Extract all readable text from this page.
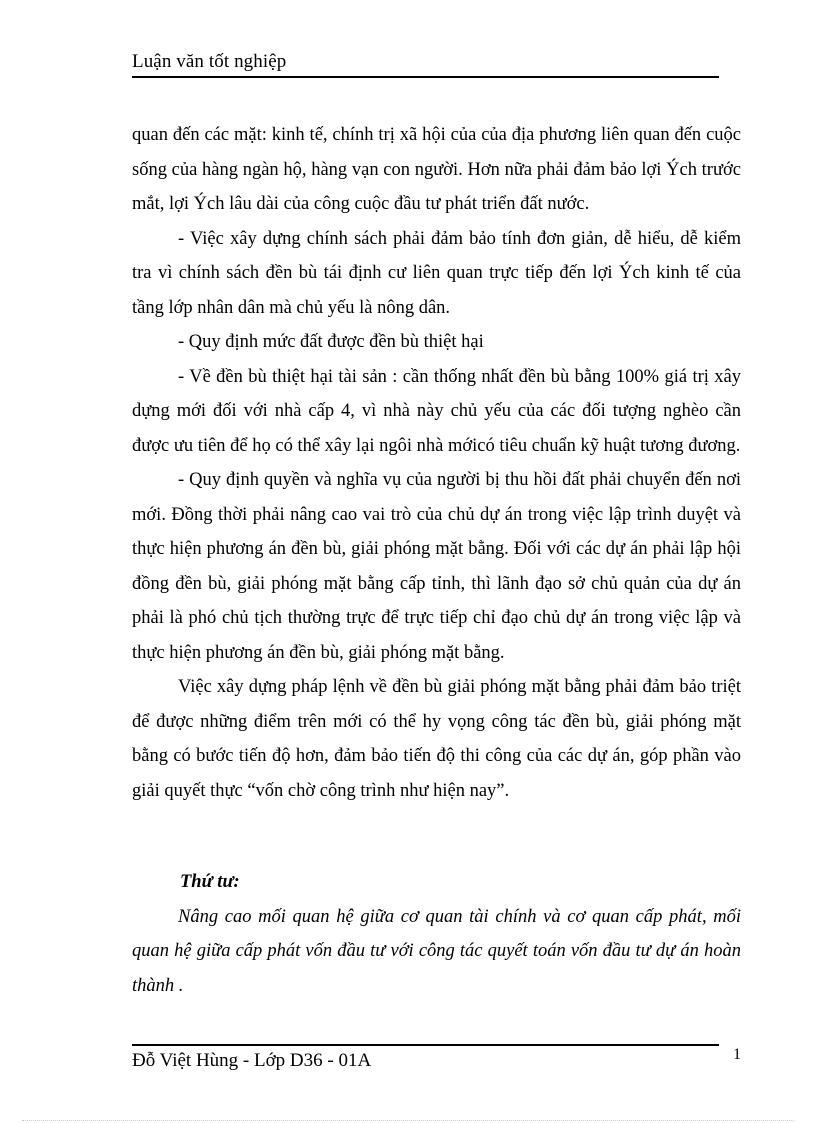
Luận văn tốt nghiệp

quan đến các mặt: kinh tế, chính trị xã hội của của địa phương liên quan đến cuộc sống của hàng ngàn hộ, hàng vạn con người. Hơn nữa phải đảm bảo lợi Ých trước mắt, lợi Ých lâu dài của công cuộc đầu tư phát triển đất nước.

- Việc xây dựng chính sách phải đảm bảo tính đơn giản, dễ hiểu, dễ kiểm tra vì chính sách đền bù tái định cư liên quan trực tiếp đến lợi Ých kinh tế của tầng lớp nhân dân mà chủ yếu là nông dân.

- Quy định mức đất được đền bù thiệt hại

- Về đền bù thiệt hại tài sản : cần thống nhất đền bù bằng 100% giá trị xây dựng mới đối với nhà cấp 4, vì nhà này chủ yếu của các đối tượng nghèo cần được ưu tiên để họ có thể xây lại ngôi nhà mớicó tiêu chuẩn kỹ huật tương đương.

- Quy định quyền và nghĩa vụ của người bị thu hồi đất phải chuyển đến nơi mới. Đồng thời phải nâng cao vai trò của chủ dự án trong việc lập trình duyệt và thực hiện phương án đền bù, giải phóng mặt bằng. Đối với các dự án phải lập hội đồng đền bù, giải phóng mặt bằng cấp tỉnh, thì lãnh đạo sở chủ quản của dự án phải là phó chủ tịch thường trực để trực tiếp chỉ đạo chủ dự án trong việc lập và thực hiện phương án đền bù, giải phóng mặt bằng.

Việc xây dựng pháp lệnh về đền bù giải phóng mặt bằng phải đảm bảo triệt để được những điểm trên mới có thể hy vọng công tác đền bù, giải phóng mặt bằng có bước tiến độ hơn, đảm bảo tiến độ thi công của các dự án, góp phần vào giải quyết thực “vốn chờ công trình như hiện nay”.

Thứ tư:

Nâng cao mối quan hệ giữa cơ quan tài chính và cơ quan cấp phát, mối quan hệ giữa cấp phát vốn đầu tư với công tác quyết toán vốn đầu tư dự án hoàn thành .

Đỗ Việt Hùng - Lớp D36 - 01A	1
